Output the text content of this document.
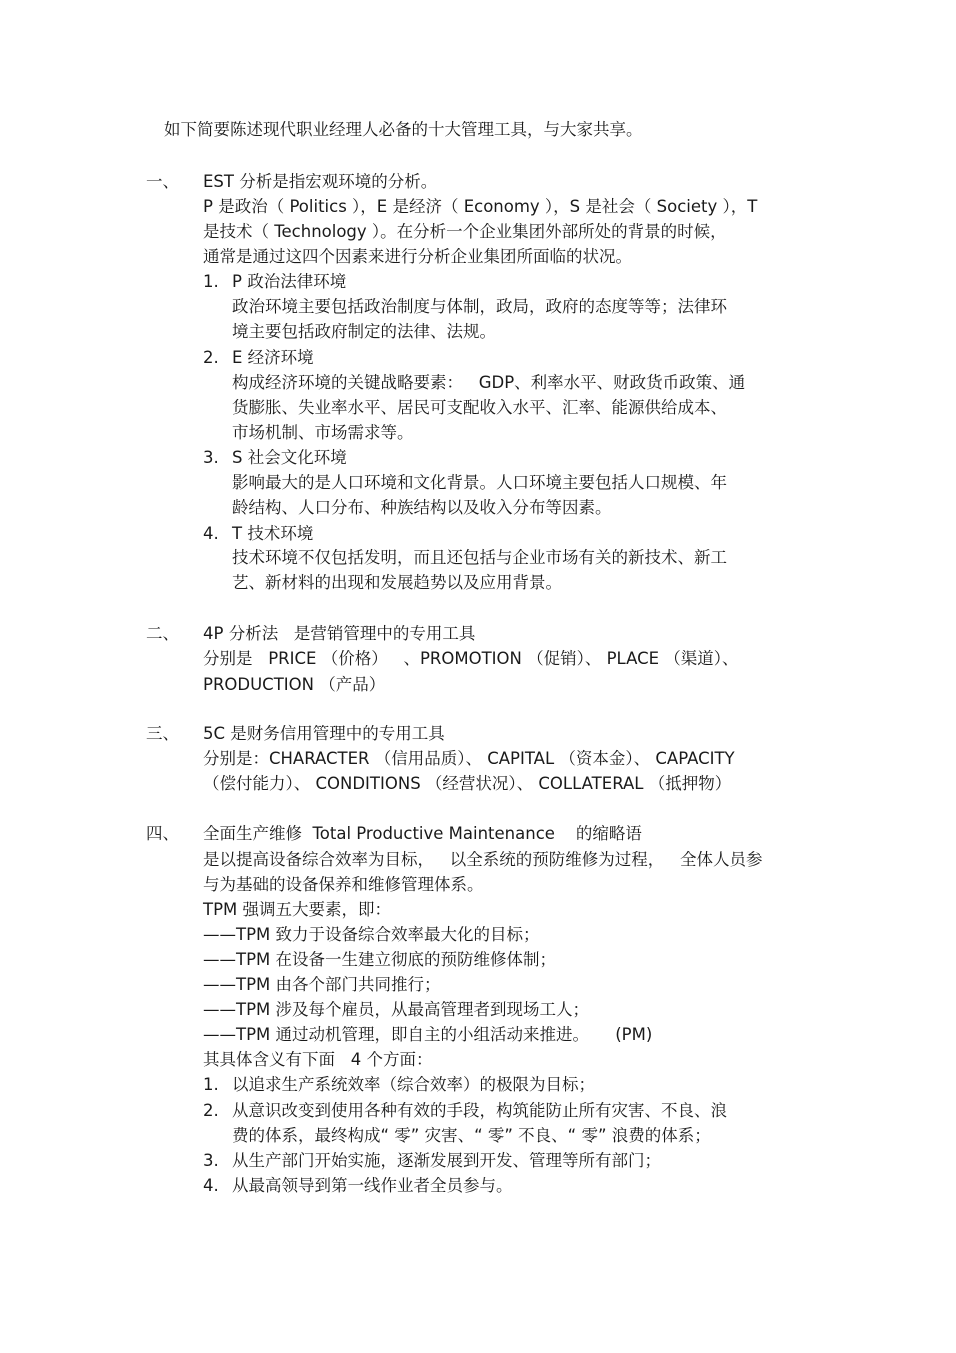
如下简要陈述现代职业经理人必备的十大管理工具，与大家共享。
一、 EST 分析是指宏观环境的分析。
P 是政治（ Politics ），E 是经济（ Economy ），S 是社会（ Society ），T
是技术（ Technology ）。在分析一个企业集团外部所处的背景的时候，
通常是通过这四个因素来进行分析企业集团所面临的状况。
1. P 政治法律环境
政治环境主要包括政治制度与体制，政局，政府的态度等等；法律环
境主要包括政府制定的法律、法规。
2. E 经济环境
构成经济环境的关键战略要素：   GDP、利率水平、财政货币政策、通
货膨胀、失业率水平、居民可支配收入水平、汇率、能源供给成本、
市场机制、市场需求等。
3. S 社会文化环境
影响最大的是人口环境和文化背景。人口环境主要包括人口规模、年
龄结构、人口分布、种族结构以及收入分布等因素。
4. T 技术环境
技术环境不仅包括发明，而且还包括与企业市场有关的新技术、新工
艺、新材料的出现和发展趋势以及应用背景。
二、 4P 分析法   是营销管理中的专用工具
分别是   PRICE （价格）   、PROMOTION （促销）、 PLACE （渠道）、
PRODUCTION （产品）
三、 5C 是财务信用管理中的专用工具
分别是：CHARACTER （信用品质）、 CAPITAL （资本金）、 CAPACITY
（偿付能力）、 CONDITIONS （经营状况）、 COLLATERAL （抵押物）
四、 全面生产维修  Total Productive Maintenance    的缩略语
是以提高设备综合效率为目标，   以全系统的预防维修为过程，   全体人员参
与为基础的设备保养和维修管理体系。
TPM 强调五大要素，即：
——TPM 致力于设备综合效率最大化的目标；
——TPM 在设备一生建立彻底的预防维修体制；
——TPM 由各个部门共同推行；
——TPM 涉及每个雇员，从最高管理者到现场工人；
——TPM 通过动机管理，即自主的小组活动来推进。     (PM)
其具体含义有下面   4 个方面：
1. 以追求生产系统效率（综合效率）的极限为目标；
2. 从意识改变到使用各种有效的手段，构筑能防止所有灾害、不良、浪
费的体系，最终构成“ 零” 灾害、“ 零” 不良、“ 零” 浪费的体系；
3. 从生产部门开始实施，逐渐发展到开发、管理等所有部门；
4. 从最高领导到第一线作业者全员参与。
